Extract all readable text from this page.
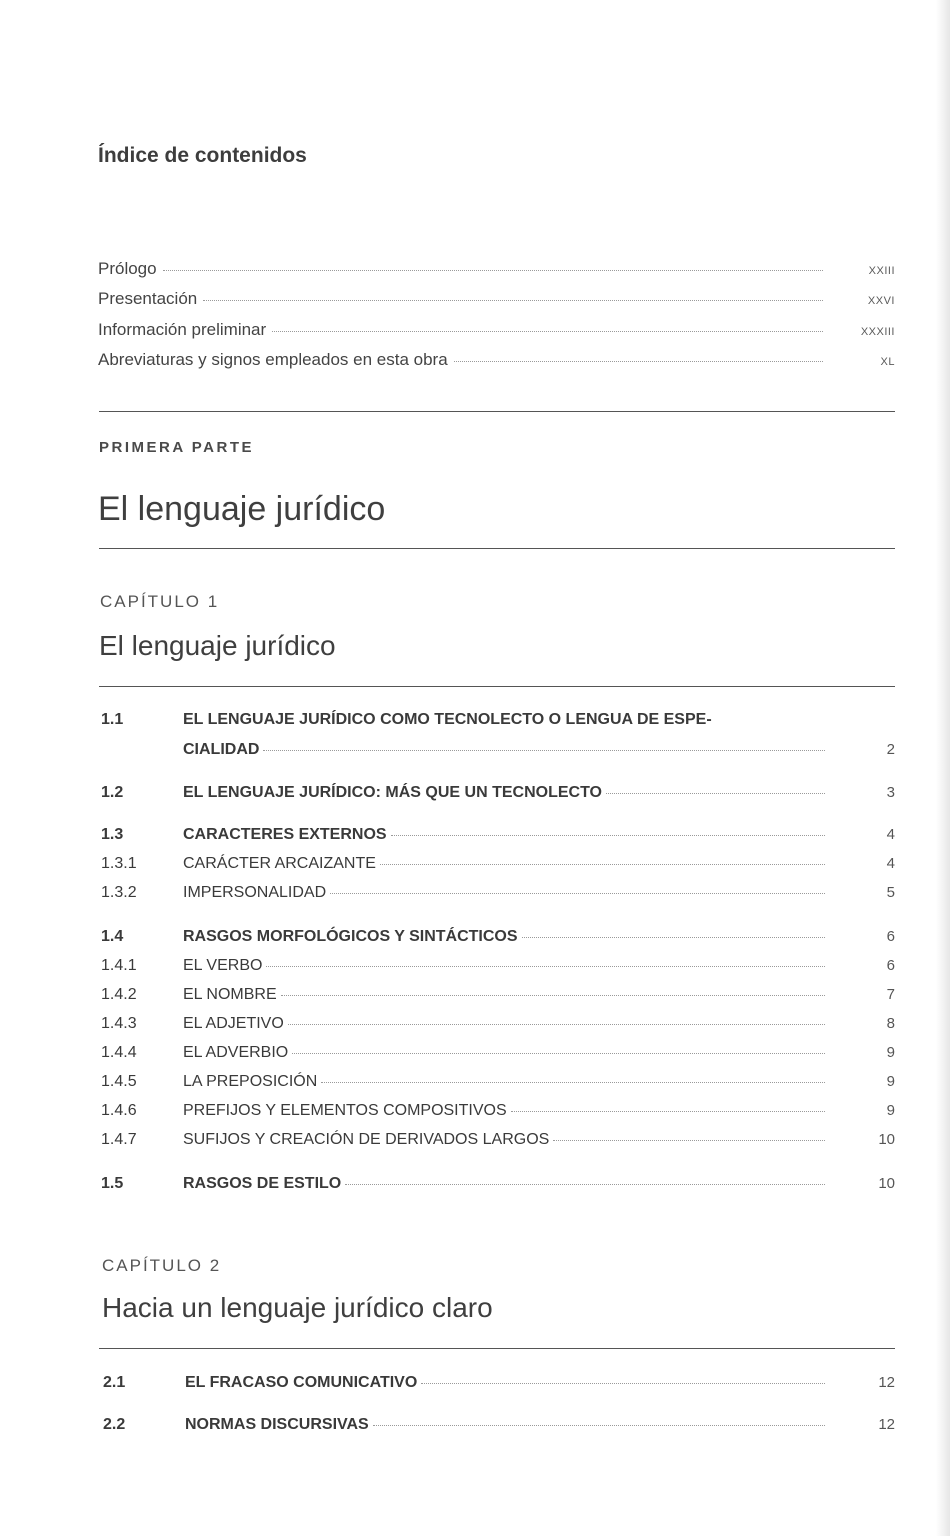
Índice de contenidos
Prólogo	XXIII
Presentación	XXVI
Información preliminar	XXXIII
Abreviaturas y signos empleados en esta obra	XL
PRIMERA PARTE
El lenguaje jurídico
CAPÍTULO 1
El lenguaje jurídico
1.1	EL LENGUAJE JURÍDICO COMO TECNOLECTO O LENGUA DE ESPE-
CIALIDAD	2
1.2	EL LENGUAJE JURÍDICO: MÁS QUE UN TECNOLECTO	3
1.3	CARACTERES EXTERNOS	4
1.3.1	CARÁCTER ARCAIZANTE	4
1.3.2	IMPERSONALIDAD	5
1.4	RASGOS MORFOLÓGICOS Y SINTÁCTICOS	6
1.4.1	EL VERBO	6
1.4.2	EL NOMBRE	7
1.4.3	EL ADJETIVO	8
1.4.4	EL ADVERBIO	9
1.4.5	LA PREPOSICIÓN	9
1.4.6	PREFIJOS Y ELEMENTOS COMPOSITIVOS	9
1.4.7	SUFIJOS Y CREACIÓN DE DERIVADOS LARGOS	10
1.5	RASGOS DE ESTILO	10
CAPÍTULO 2
Hacia un lenguaje jurídico claro
2.1	EL FRACASO COMUNICATIVO	12
2.2	NORMAS DISCURSIVAS	12
